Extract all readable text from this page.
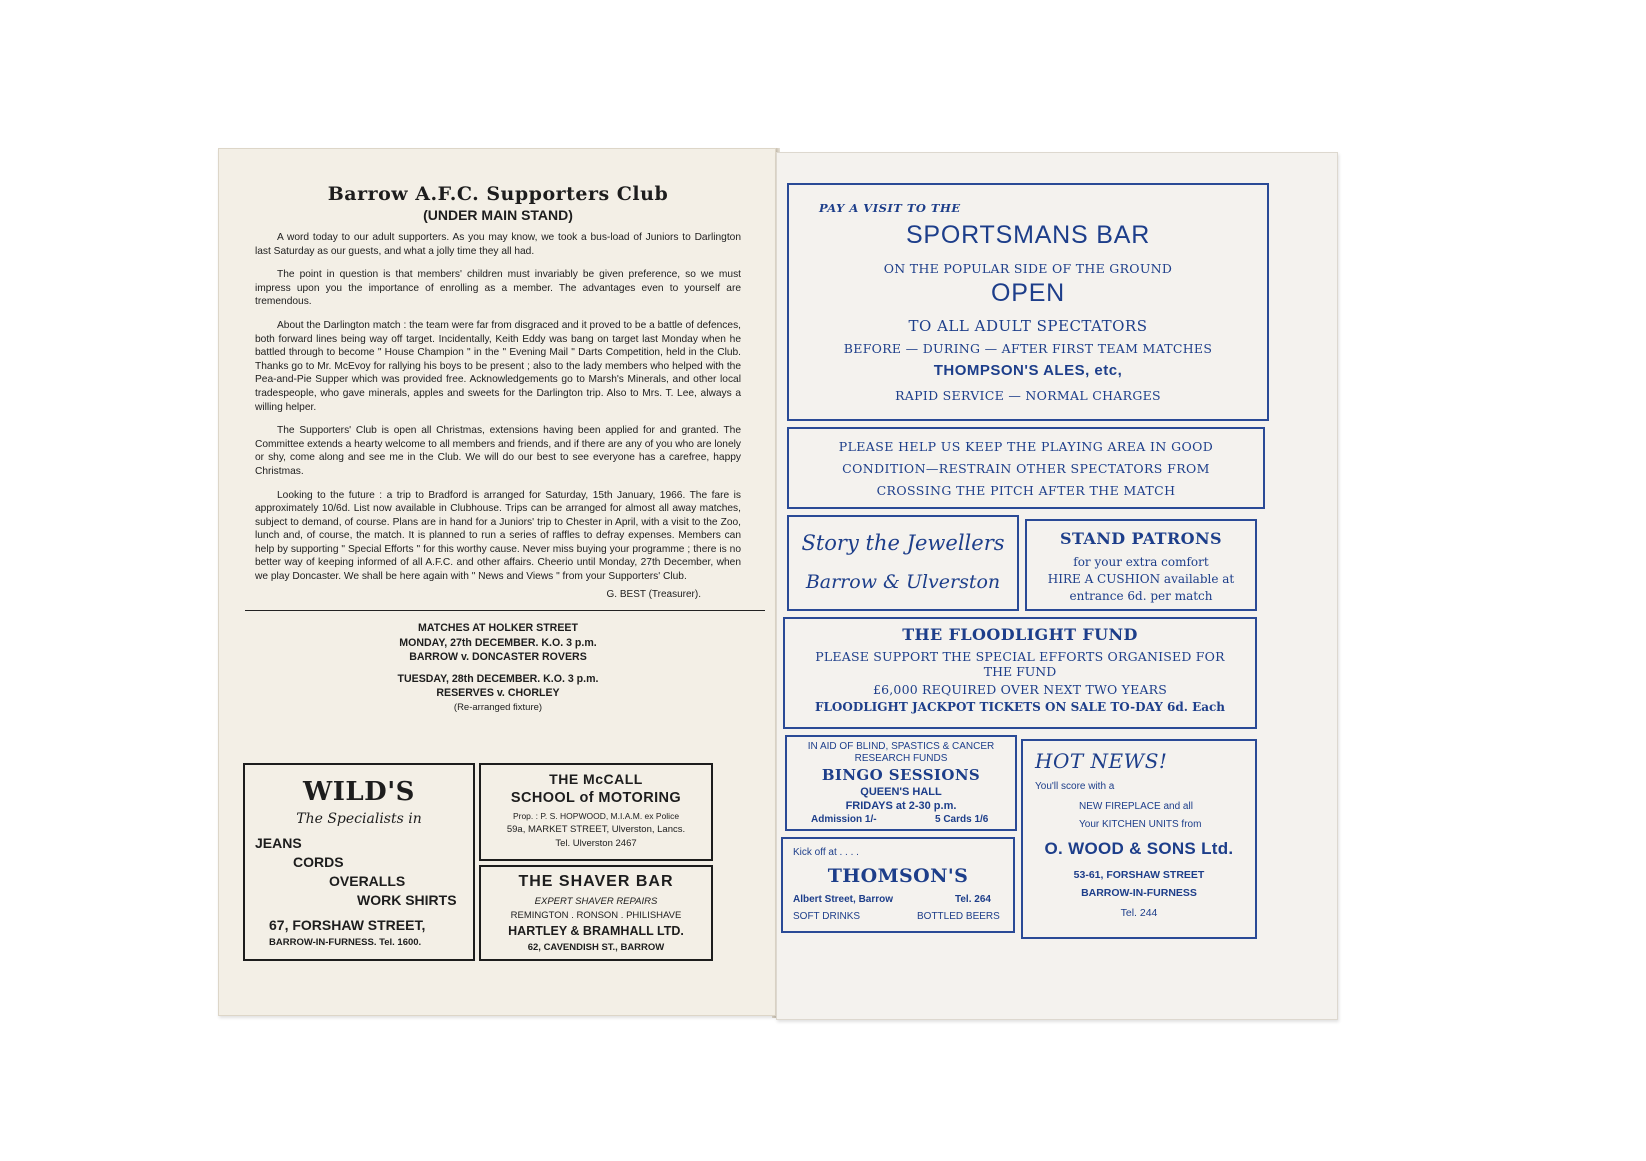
Barrow A.F.C. Supporters Club
(UNDER MAIN STAND)

A word today to our adult supporters. As you may know, we took a bus-load of Juniors to Darlington last Saturday as our guests, and what a jolly time they all had.

The point in question is that members' children must invariably be given preference, so we must impress upon you the importance of enrolling as a member. The advantages even to yourself are tremendous.

About the Darlington match : the team were far from disgraced and it proved to be a battle of defences, both forward lines being way off target. Incidentally, Keith Eddy was bang on target last Monday when he battled through to become " House Champion " in the " Evening Mail " Darts Competition, held in the Club. Thanks go to Mr. McEvoy for rallying his boys to be present ; also to the lady members who helped with the Pea-and-Pie Supper which was provided free. Acknowledgements go to Marsh's Minerals, and other local tradespeople, who gave minerals, apples and sweets for the Darlington trip. Also to Mrs. T. Lee, always a willing helper.

The Supporters' Club is open all Christmas, extensions having been applied for and granted. The Committee extends a hearty welcome to all members and friends, and if there are any of you who are lonely or shy, come along and see me in the Club. We will do our best to see everyone has a carefree, happy Christmas.

Looking to the future : a trip to Bradford is arranged for Saturday, 15th January, 1966. The fare is approximately 10/6d. List now available in Clubhouse. Trips can be arranged for almost all away matches, subject to demand, of course. Plans are in hand for a Juniors' trip to Chester in April, with a visit to the Zoo, lunch and, of course, the match. It is planned to run a series of raffles to defray expenses. Members can help by supporting " Special Efforts " for this worthy cause. Never miss buying your programme ; there is no better way of keeping informed of all A.F.C. and other affairs. Cheerio until Monday, 27th December, when we play Doncaster. We shall be here again with " News and Views " from your Supporters' Club.

G. BEST (Treasurer).
MATCHES AT HOLKER STREET
MONDAY, 27th DECEMBER. K.O. 3 p.m.
BARROW v. DONCASTER ROVERS
TUESDAY, 28th DECEMBER. K.O. 3 p.m.
RESERVES v. CHORLEY
(Re-arranged fixture)
WILD'S
The Specialists in
JEANS
CORDS
OVERALLS
WORK SHIRTS
67, FORSHAW STREET,
BARROW-IN-FURNESS. Tel. 1600.
THE McCALL
SCHOOL of MOTORING
Prop. : P. S. HOPWOOD, M.I.A.M. ex Police
59a, MARKET STREET, Ulverston, Lancs.
Tel. Ulverston 2467
THE SHAVER BAR
EXPERT SHAVER REPAIRS
REMINGTON . RONSON . PHILISHAVE
HARTLEY & BRAMHALL LTD.
62, CAVENDISH ST., BARROW
PAY A VISIT TO THE
SPORTSMANS BAR
ON THE POPULAR SIDE OF THE GROUND
OPEN
TO ALL ADULT SPECTATORS
BEFORE — DURING — AFTER FIRST TEAM MATCHES
THOMPSON'S ALES, etc,
RAPID SERVICE — NORMAL CHARGES
PLEASE HELP US KEEP THE PLAYING AREA IN GOOD
CONDITION—RESTRAIN OTHER SPECTATORS FROM
CROSSING THE PITCH AFTER THE MATCH
Story the Jewellers
Barrow & Ulverston
STAND PATRONS
for your extra comfort
HIRE A CUSHION available at
entrance 6d. per match
THE FLOODLIGHT FUND
PLEASE SUPPORT THE SPECIAL EFFORTS ORGANISED FOR
THE FUND
£6,000 REQUIRED OVER NEXT TWO YEARS
FLOODLIGHT JACKPOT TICKETS ON SALE TO-DAY 6d. Each
IN AID OF BLIND, SPASTICS & CANCER
RESEARCH FUNDS
BINGO SESSIONS
QUEEN'S HALL
FRIDAYS at 2-30 p.m.
Admission 1/-	5 Cards 1/6
Kick off at . . . .
THOMSON'S
Albert Street, Barrow	Tel. 264
SOFT DRINKS	BOTTLED BEERS
HOT NEWS!
You'll score with a
NEW FIREPLACE and all
Your KITCHEN UNITS from
O. WOOD & SONS Ltd.
53-61, FORSHAW STREET
BARROW-IN-FURNESS
Tel. 244
